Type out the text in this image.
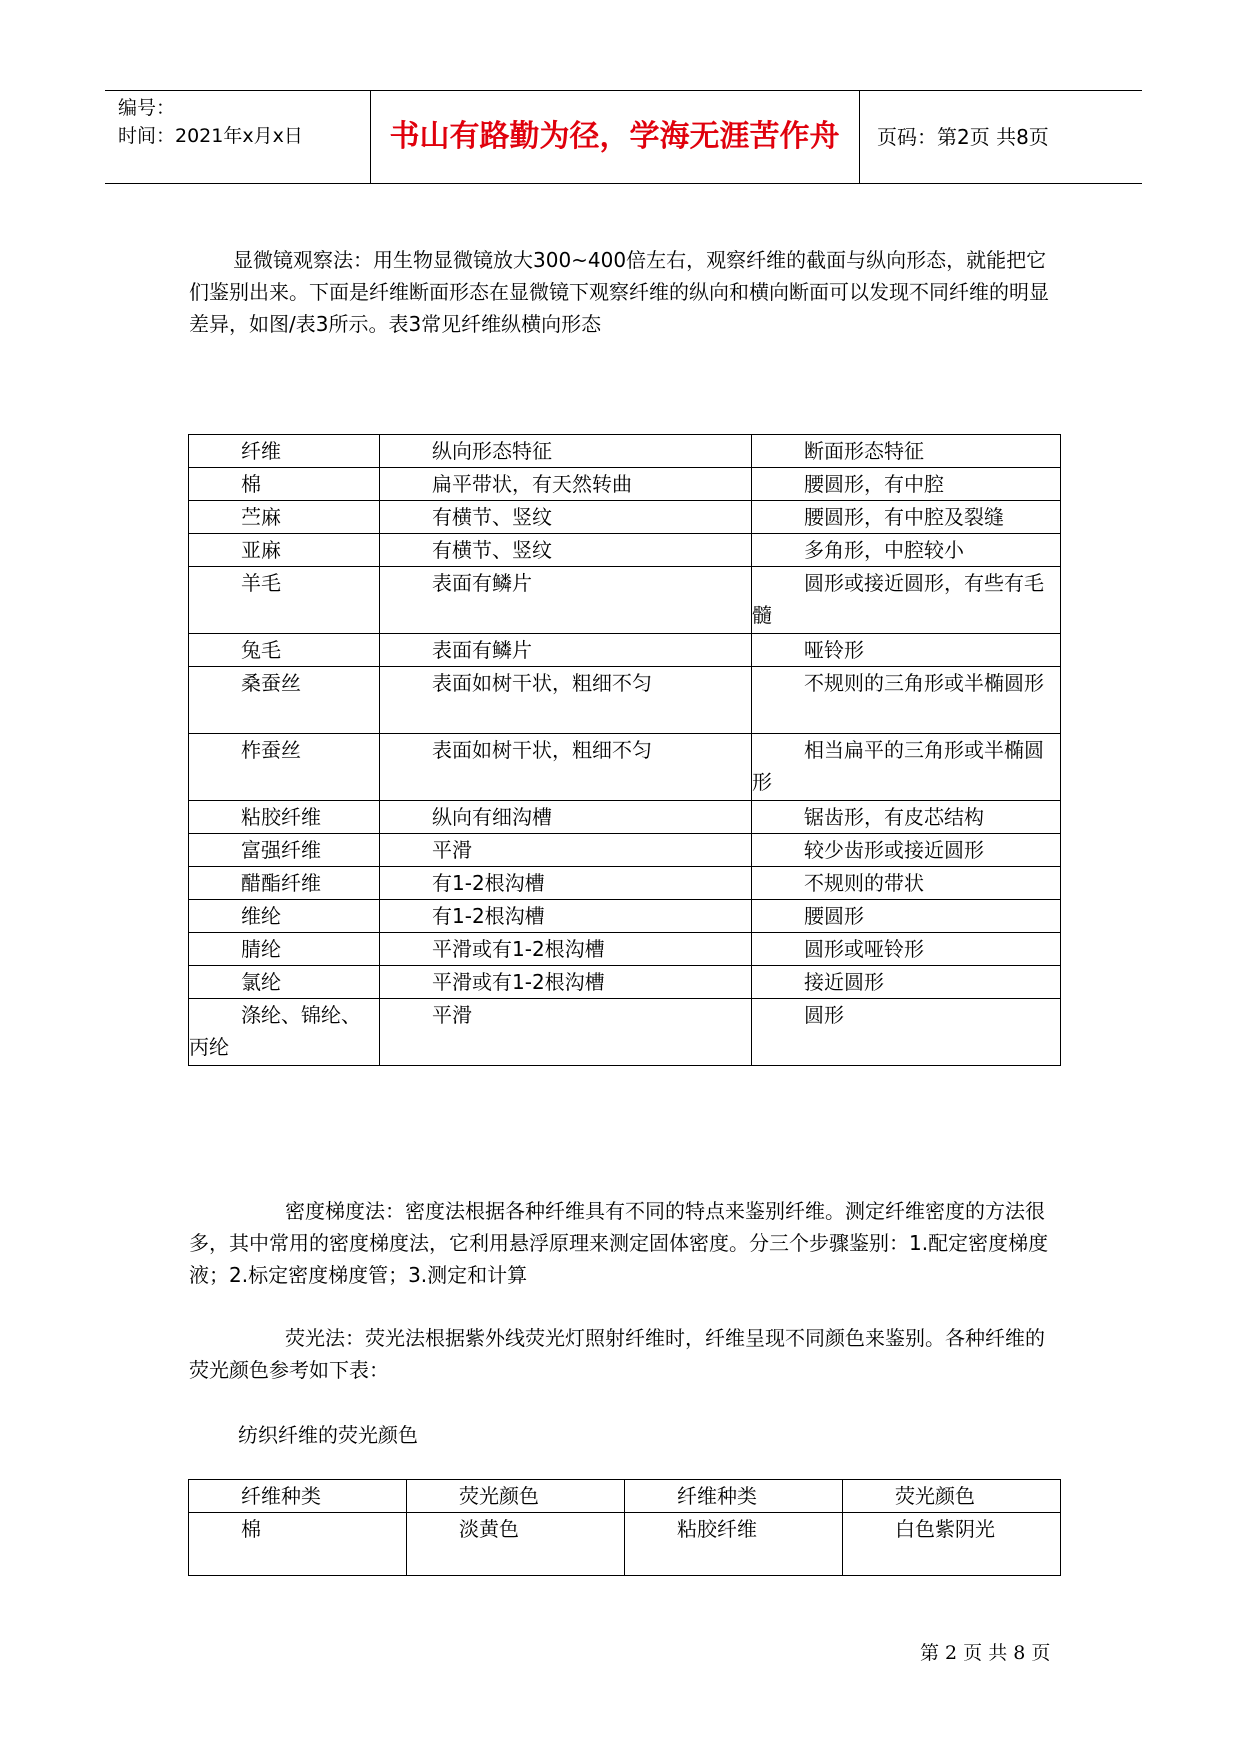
编号：
时间：2021年x月x日	书山有路勤为径，学海无涯苦作舟	页码：第2页 共8页
显微镜观察法：用生物显微镜放大300~400倍左右，观察纤维的截面与纵向形态，就能把它们鉴别出来。下面是纤维断面形态在显微镜下观察纤维的纵向和横向断面可以发现不同纤维的明显差异，如图/表3所示。表3常见纤维纵横向形态
纤维	纵向形态特征	断面形态特征

棉	扁平带状，有天然转曲	腰圆形，有中腔

苎麻	有横节、竖纹	腰圆形，有中腔及裂缝

亚麻	有横节、竖纹	多角形，中腔较小

羊毛	表面有鳞片	圆形或接近圆形，有些有毛髓

兔毛	表面有鳞片	哑铃形

桑蚕丝	表面如树干状，粗细不匀	不规则的三角形或半椭圆形

柞蚕丝	表面如树干状，粗细不匀	相当扁平的三角形或半椭圆形

粘胶纤维	纵向有细沟槽	锯齿形，有皮芯结构

富强纤维	平滑	较少齿形或接近圆形

醋酯纤维	有1-2根沟槽	不规则的带状

维纶	有1-2根沟槽	腰圆形

腈纶	平滑或有1-2根沟槽	圆形或哑铃形

氯纶	平滑或有1-2根沟槽	接近圆形

涤纶、锦纶、丙纶	平滑	圆形
密度梯度法：密度法根据各种纤维具有不同的特点来鉴别纤维。测定纤维密度的方法很多，其中常用的密度梯度法，它利用悬浮原理来测定固体密度。分三个步骤鉴别：1.配定密度梯度液；2.标定密度梯度管；3.测定和计算
荧光法：荧光法根据紫外线荧光灯照射纤维时，纤维呈现不同颜色来鉴别。各种纤维的荧光颜色参考如下表：
纺织纤维的荧光颜色
纤维种类	荧光颜色	纤维种类	荧光颜色

棉	淡黄色	粘胶纤维	白色紫阴光
第 2 页 共 8 页
